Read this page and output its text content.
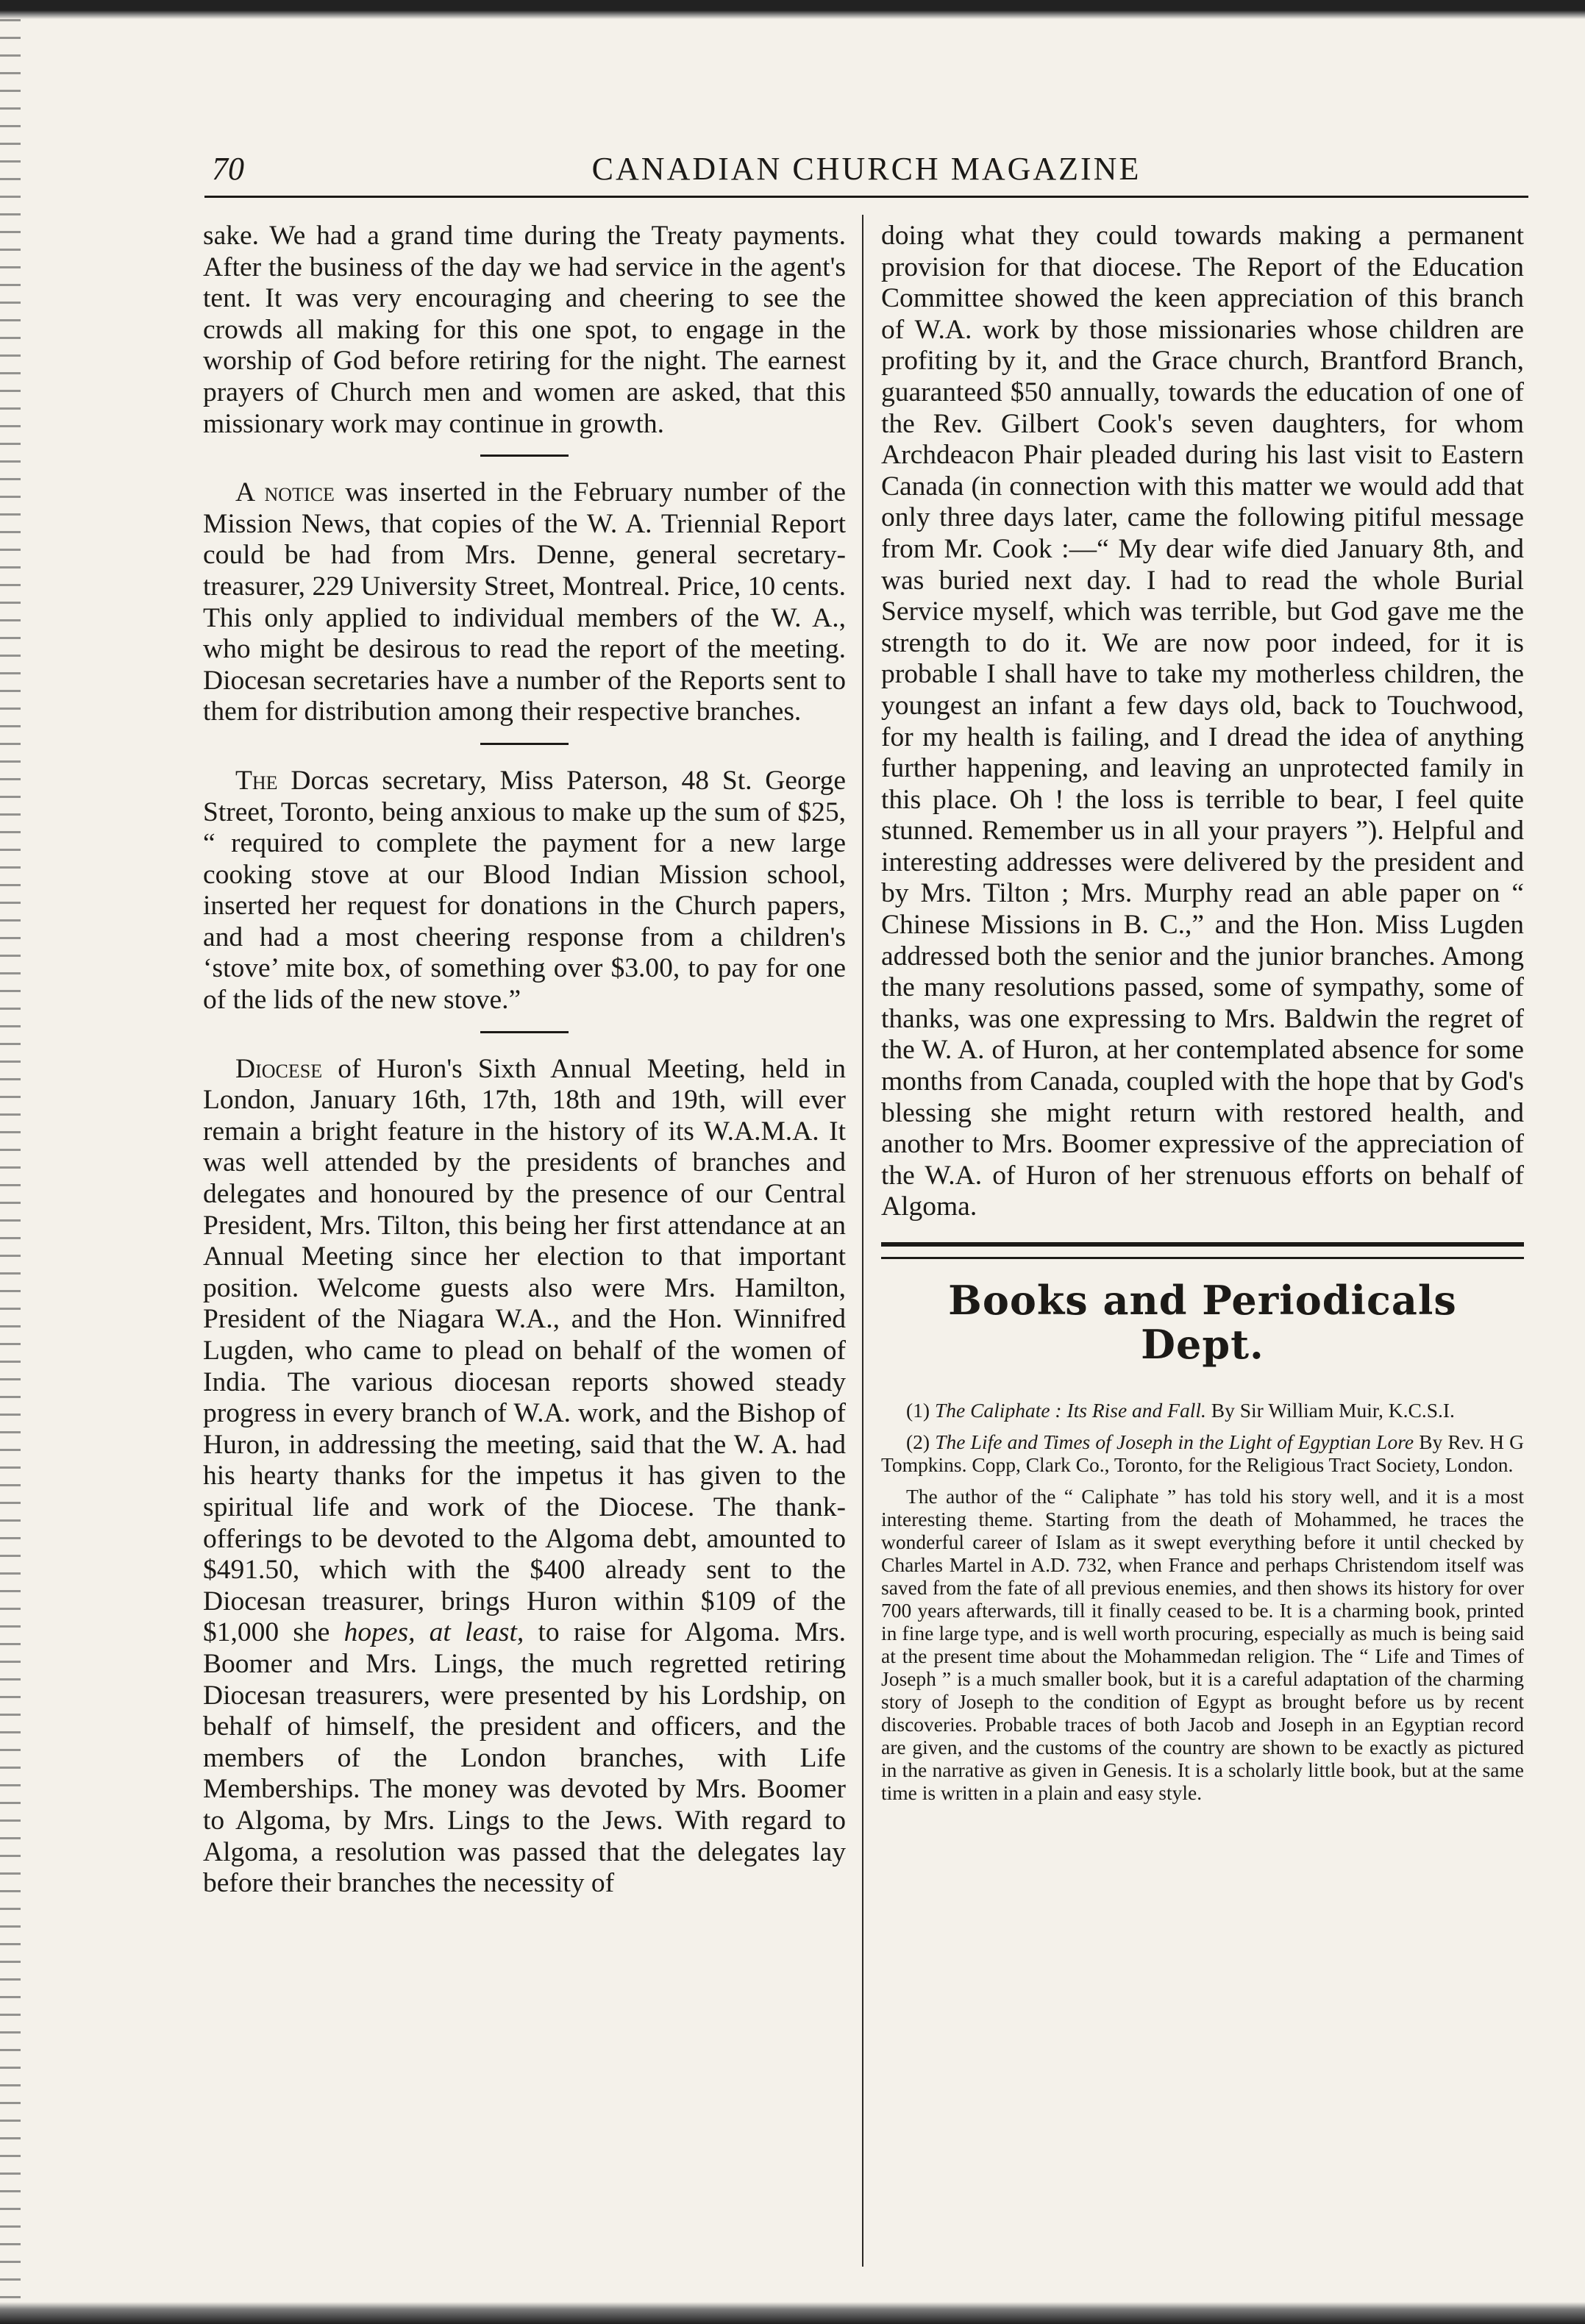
70	CANADIAN CHURCH MAGAZINE

sake. We had a grand time during the Treaty payments. After the business of the day we had service in the agent's tent. It was very encouraging and cheering to see the crowds all making for this one spot, to engage in the worship of God before retiring for the night. The earnest prayers of Church men and women are asked, that this missionary work may continue in growth.

A notice was inserted in the February number of the Mission News, that copies of the W. A. Triennial Report could be had from Mrs. Denne, general secretary-treasurer, 229 University Street, Montreal. Price, 10 cents. This only applied to individual members of the W. A., who might be desirous to read the report of the meeting. Diocesan secretaries have a number of the Reports sent to them for distribution among their respective branches.

The Dorcas secretary, Miss Paterson, 48 St. George Street, Toronto, being anxious to make up the sum of $25, “ required to complete the payment for a new large cooking stove at our Blood Indian Mission school, inserted her request for donations in the Church papers, and had a most cheering response from a children's ‘stove’ mite box, of something over $3.00, to pay for one of the lids of the new stove.”

Diocese of Huron's Sixth Annual Meeting, held in London, January 16th, 17th, 18th and 19th, will ever remain a bright feature in the history of its W.A.M.A. It was well attended by the presidents of branches and delegates and honoured by the presence of our Central President, Mrs. Tilton, this being her first attendance at an Annual Meeting since her election to that important position. Welcome guests also were Mrs. Hamilton, President of the Niagara W.A., and the Hon. Winnifred Lugden, who came to plead on behalf of the women of India. The various diocesan reports showed steady progress in every branch of W.A. work, and the Bishop of Huron, in addressing the meeting, said that the W. A. had his hearty thanks for the impetus it has given to the spiritual life and work of the Diocese. The thank-offerings to be devoted to the Algoma debt, amounted to $491.50, which with the $400 already sent to the Diocesan treasurer, brings Huron within $109 of the $1,000 she hopes, at least, to raise for Algoma. Mrs. Boomer and Mrs. Lings, the much regretted retiring Diocesan treasurers, were presented by his Lordship, on behalf of himself, the president and officers, and the members of the London branches, with Life Memberships. The money was devoted by Mrs. Boomer to Algoma, by Mrs. Lings to the Jews. With regard to Algoma, a resolution was passed that the delegates lay before their branches the necessity of

doing what they could towards making a permanent provision for that diocese. The Report of the Education Committee showed the keen appreciation of this branch of W.A. work by those missionaries whose children are profiting by it, and the Grace church, Brantford Branch, guaranteed $50 annually, towards the education of one of the Rev. Gilbert Cook's seven daughters, for whom Archdeacon Phair pleaded during his last visit to Eastern Canada (in connection with this matter we would add that only three days later, came the following pitiful message from Mr. Cook :—“ My dear wife died January 8th, and was buried next day. I had to read the whole Burial Service myself, which was terrible, but God gave me the strength to do it. We are now poor indeed, for it is probable I shall have to take my motherless children, the youngest an infant a few days old, back to Touchwood, for my health is failing, and I dread the idea of anything further happening, and leaving an unprotected family in this place. Oh ! the loss is terrible to bear, I feel quite stunned. Remember us in all your prayers ”). Helpful and interesting addresses were delivered by the president and by Mrs. Tilton ; Mrs. Murphy read an able paper on “ Chinese Missions in B. C.,” and the Hon. Miss Lugden addressed both the senior and the junior branches. Among the many resolutions passed, some of sympathy, some of thanks, was one expressing to Mrs. Baldwin the regret of the W. A. of Huron, at her contemplated absence for some months from Canada, coupled with the hope that by God's blessing she might return with restored health, and another to Mrs. Boomer expressive of the appreciation of the W.A. of Huron of her strenuous efforts on behalf of Algoma.

Books and Periodicals Dept.

(1) The Caliphate : Its Rise and Fall. By Sir William Muir, K.C.S.I.

(2) The Life and Times of Joseph in the Light of Egyptian Lore By Rev. H G Tompkins. Copp, Clark Co., Toronto, for the Religious Tract Society, London.

The author of the “ Caliphate ” has told his story well, and it is a most interesting theme. Starting from the death of Mohammed, he traces the wonderful career of Islam as it swept everything before it until checked by Charles Martel in A.D. 732, when France and perhaps Christendom itself was saved from the fate of all previous enemies, and then shows its history for over 700 years afterwards, till it finally ceased to be. It is a charming book, printed in fine large type, and is well worth procuring, especially as much is being said at the present time about the Mohammedan religion. The “ Life and Times of Joseph ” is a much smaller book, but it is a careful adaptation of the charming story of Joseph to the condition of Egypt as brought before us by recent discoveries. Probable traces of both Jacob and Joseph in an Egyptian record are given, and the customs of the country are shown to be exactly as pictured in the narrative as given in Genesis. It is a scholarly little book, but at the same time is written in a plain and easy style.
